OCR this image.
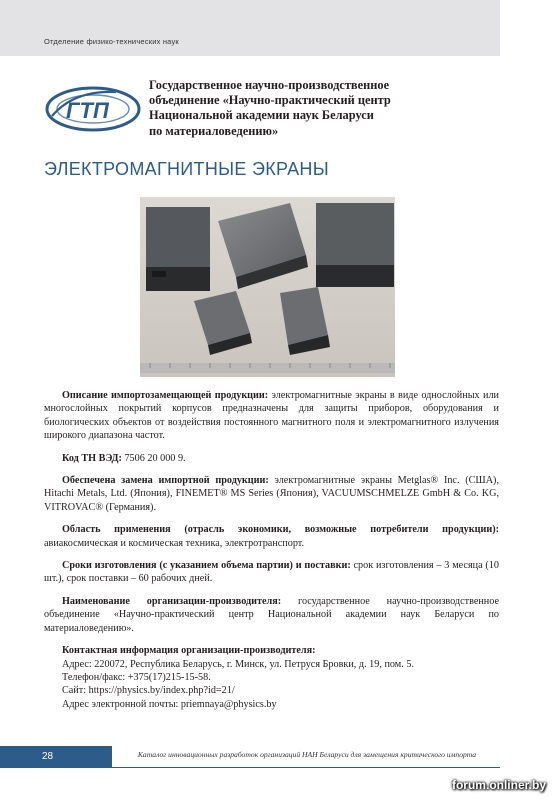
Отделение физико-технических наук
ГТП
Государственное научно-производственное
объединение «Научно-практический центр
Национальной академии наук Беларуси
по материаловедению»
ЭЛЕКТРОМАГНИТНЫЕ ЭКРАНЫ

Описание импортозамещающей продукции: электромагнитные экраны в виде однослойных или многослойных покрытий корпусов предназначены для защиты приборов, оборудования и биологических объектов от воздействия постоянного магнитного поля и электромагнитного излучения широкого диапазона частот.

Код ТН ВЭД: 7506 20 000 9.

Обеспечена замена импортной продукции: электромагнитные экраны Metglas® Inc. (США), Hitachi Metals, Ltd. (Япония), FINEMET® MS Series (Япония), VACUUMSCHMELZE GmbH & Co. KG, VITROVAC® (Германия).

Область применения (отрасль экономики, возможные потребители продукции): авиакосмическая и космическая техника, электротранспорт.

Сроки изготовления (с указанием объема партии) и поставки: срок изготовления – 3 месяца (10 шт.), срок поставки – 60 рабочих дней.

Наименование организации-производителя: государственное научно-производственное объединение «Научно-практический центр Национальной академии наук Беларуси по материаловедению».

Контактная информация организации-производителя:
Адрес: 220072, Республика Беларусь, г. Минск, ул. Петруся Бровки, д. 19, пом. 5.
Телефон/факс: +375(17)215-15-58.
Сайт: https://physics.by/index.php?id=21/
Адрес электронной почты: priemnaya@physics.by
28	Каталог инновационных разработок организаций НАН Беларуси для замещения критического импорта
forum.onliner.by
